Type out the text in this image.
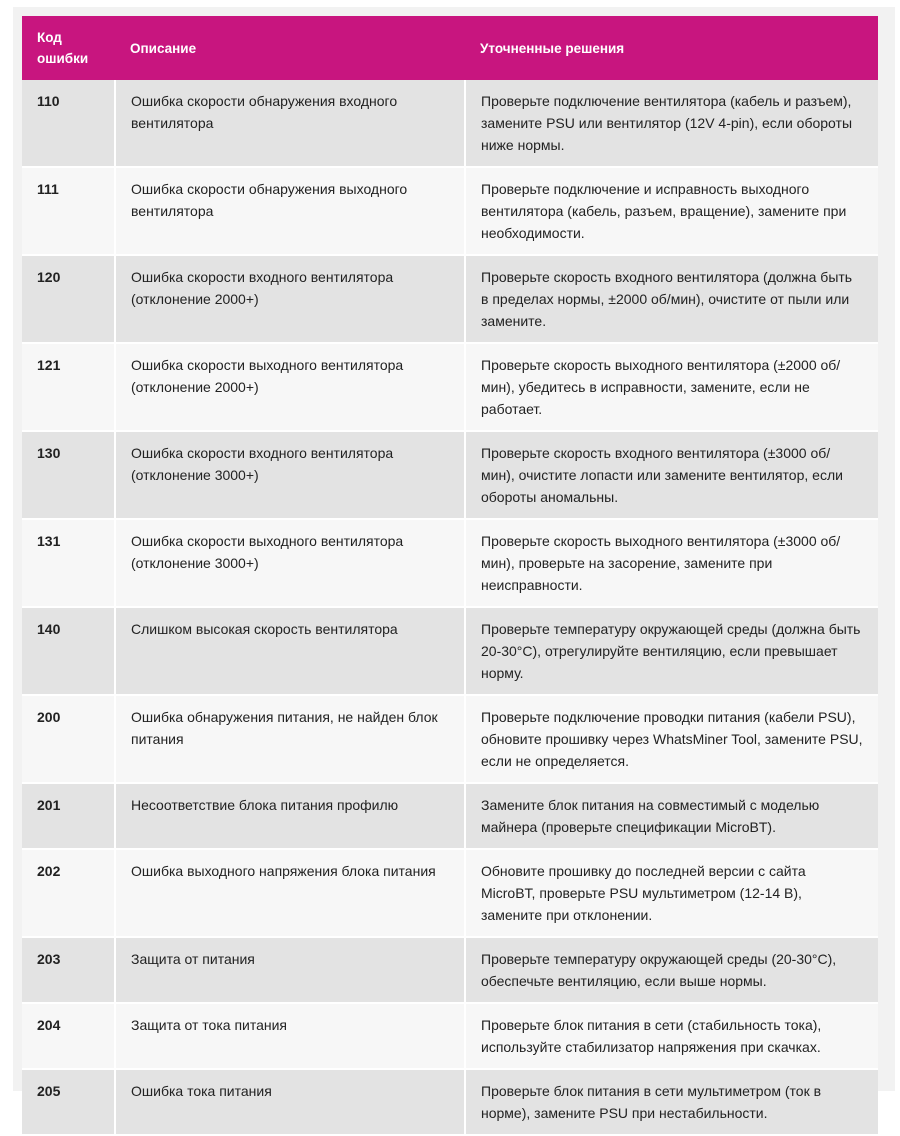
Код ошибки	Описание	Уточненные решения
110	Ошибка скорости обнаружения входного вентилятора	Проверьте подключение вентилятора (кабель и разъем), замените PSU или вентилятор (12V 4-pin), если обороты ниже нормы.
111	Ошибка скорости обнаружения выходного вентилятора	Проверьте подключение и исправность выходного вентилятора (кабель, разъем, вращение), замените при необходимости.
120	Ошибка скорости входного вентилятора (отклонение 2000+)	Проверьте скорость входного вентилятора (должна быть в пределах нормы, ±2000 об/мин), очистите от пыли или замените.
121	Ошибка скорости выходного вентилятора (отклонение 2000+)	Проверьте скорость выходного вентилятора (±2000 об/мин), убедитесь в исправности, замените, если не работает.
130	Ошибка скорости входного вентилятора (отклонение 3000+)	Проверьте скорость входного вентилятора (±3000 об/мин), очистите лопасти или замените вентилятор, если обороты аномальны.
131	Ошибка скорости выходного вентилятора (отклонение 3000+)	Проверьте скорость выходного вентилятора (±3000 об/мин), проверьте на засорение, замените при неисправности.
140	Слишком высокая скорость вентилятора	Проверьте температуру окружающей среды (должна быть 20-30°C), отрегулируйте вентиляцию, если превышает норму.
200	Ошибка обнаружения питания, не найден блок питания	Проверьте подключение проводки питания (кабели PSU), обновите прошивку через WhatsMiner Tool, замените PSU, если не определяется.
201	Несоответствие блока питания профилю	Замените блок питания на совместимый с моделью майнера (проверьте спецификации MicroBT).
202	Ошибка выходного напряжения блока питания	Обновите прошивку до последней версии с сайта MicroBT, проверьте PSU мультиметром (12-14 В), замените при отклонении.
203	Защита от питания	Проверьте температуру окружающей среды (20-30°C), обеспечьте вентиляцию, если выше нормы.
204	Защита от тока питания	Проверьте блок питания в сети (стабильность тока), используйте стабилизатор напряжения при скачках.
205	Ошибка тока питания	Проверьте блок питания в сети мультиметром (ток в норме), замените PSU при нестабильности.
